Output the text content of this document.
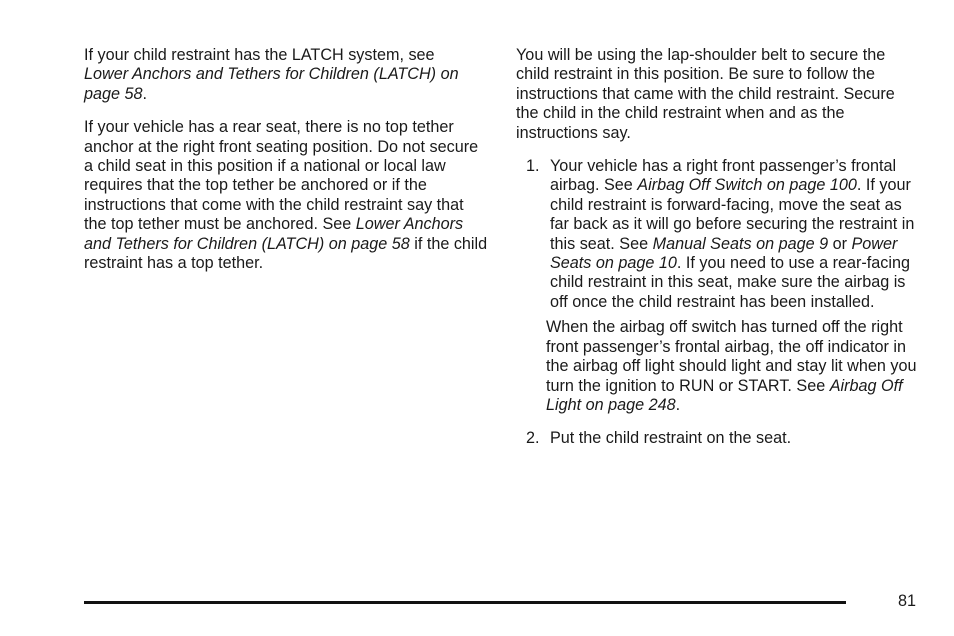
If your child restraint has the LATCH system, see
Lower Anchors and Tethers for Children (LATCH) on page 58.

If your vehicle has a rear seat, there is no top tether anchor at the right front seating position. Do not secure a child seat in this position if a national or local law requires that the top tether be anchored or if the instructions that come with the child restraint say that the top tether must be anchored. See Lower Anchors and Tethers for Children (LATCH) on page 58 if the child restraint has a top tether.

You will be using the lap-shoulder belt to secure the child restraint in this position. Be sure to follow the instructions that came with the child restraint. Secure the child in the child restraint when and as the instructions say.

1. Your vehicle has a right front passenger’s frontal airbag. See Airbag Off Switch on page 100. If your child restraint is forward-facing, move the seat as far back as it will go before securing the restraint in this seat. See Manual Seats on page 9 or Power Seats on page 10. If you need to use a rear-facing child restraint in this seat, make sure the airbag is off once the child restraint has been installed.

When the airbag off switch has turned off the right front passenger’s frontal airbag, the off indicator in the airbag off light should light and stay lit when you turn the ignition to RUN or START. See Airbag Off Light on page 248.

2. Put the child restraint on the seat.

81
